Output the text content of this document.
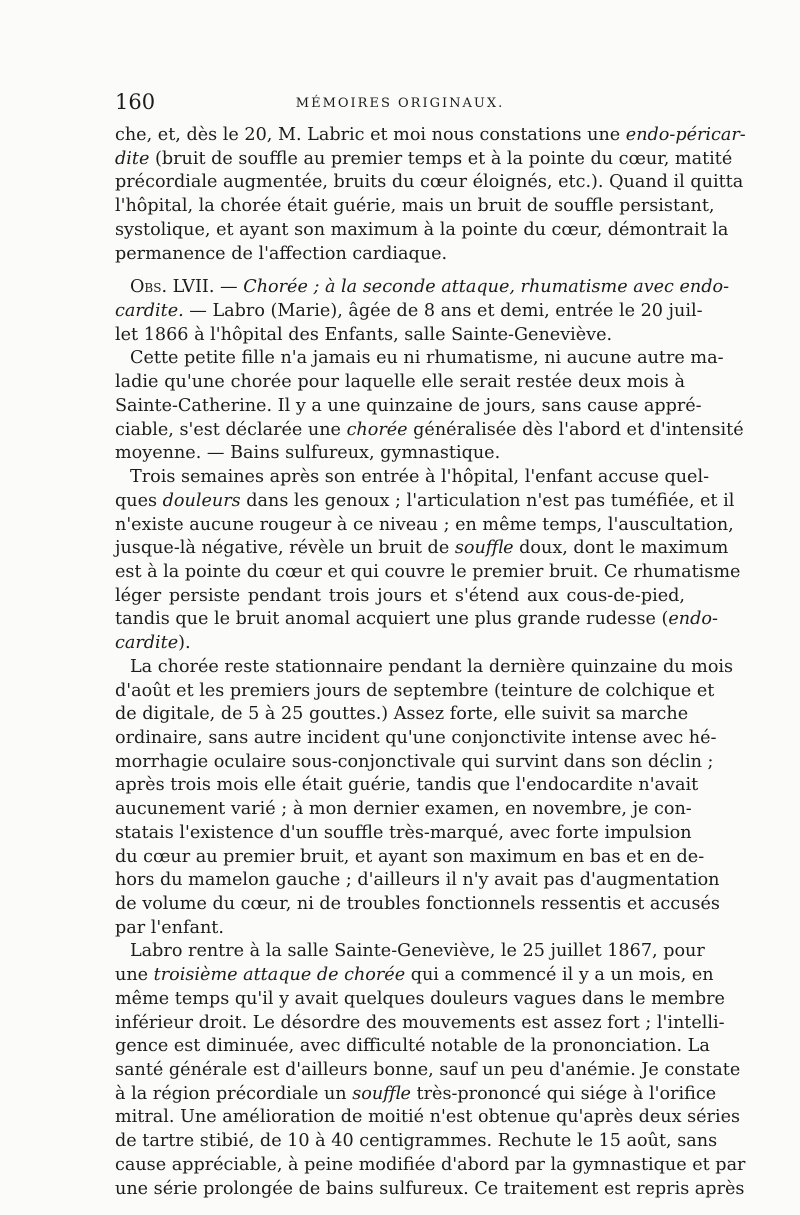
160	MÉMOIRES ORIGINAUX.
che, et, dès le 20, M. Labric et moi nous constations une endo-péricar-
dite (bruit de souffle au premier temps et à la pointe du cœur, matité
précordiale augmentée, bruits du cœur éloignés, etc.). Quand il quitta
l'hôpital, la chorée était guérie, mais un bruit de souffle persistant,
systolique, et ayant son maximum à la pointe du cœur, démontrait la
permanence de l'affection cardiaque.
Obs. LVII. — Chorée ; à la seconde attaque, rhumatisme avec endo-
cardite. — Labro (Marie), âgée de 8 ans et demi, entrée le 20 juil-
let 1866 à l'hôpital des Enfants, salle Sainte-Geneviève.
Cette petite fille n'a jamais eu ni rhumatisme, ni aucune autre ma-
ladie qu'une chorée pour laquelle elle serait restée deux mois à
Sainte-Catherine. Il y a une quinzaine de jours, sans cause appré-
ciable, s'est déclarée une chorée généralisée dès l'abord et d'intensité
moyenne. — Bains sulfureux, gymnastique.
Trois semaines après son entrée à l'hôpital, l'enfant accuse quel-
ques douleurs dans les genoux ; l'articulation n'est pas tuméfiée, et il
n'existe aucune rougeur à ce niveau ; en même temps, l'auscultation,
jusque-là négative, révèle un bruit de souffle doux, dont le maximum
est à la pointe du cœur et qui couvre le premier bruit. Ce rhumatisme
léger persiste pendant trois jours et s'étend aux cous-de-pied,
tandis que le bruit anomal acquiert une plus grande rudesse (endo-
cardite).
La chorée reste stationnaire pendant la dernière quinzaine du mois
d'août et les premiers jours de septembre (teinture de colchique et
de digitale, de 5 à 25 gouttes.) Assez forte, elle suivit sa marche
ordinaire, sans autre incident qu'une conjonctivite intense avec hé-
morrhagie oculaire sous-conjonctivale qui survint dans son déclin ;
après trois mois elle était guérie, tandis que l'endocardite n'avait
aucunement varié ; à mon dernier examen, en novembre, je con-
statais l'existence d'un souffle très-marqué, avec forte impulsion
du cœur au premier bruit, et ayant son maximum en bas et en de-
hors du mamelon gauche ; d'ailleurs il n'y avait pas d'augmentation
de volume du cœur, ni de troubles fonctionnels ressentis et accusés
par l'enfant.
Labro rentre à la salle Sainte-Geneviève, le 25 juillet 1867, pour
une troisième attaque de chorée qui a commencé il y a un mois, en
même temps qu'il y avait quelques douleurs vagues dans le membre
inférieur droit. Le désordre des mouvements est assez fort ; l'intelli-
gence est diminuée, avec difficulté notable de la prononciation. La
santé générale est d'ailleurs bonne, sauf un peu d'anémie. Je constate
à la région précordiale un souffle très-prononcé qui siége à l'orifice
mitral. Une amélioration de moitié n'est obtenue qu'après deux séries
de tartre stibié, de 10 à 40 centigrammes. Rechute le 15 août, sans
cause appréciable, à peine modifiée d'abord par la gymnastique et par
une série prolongée de bains sulfureux. Ce traitement est repris après
